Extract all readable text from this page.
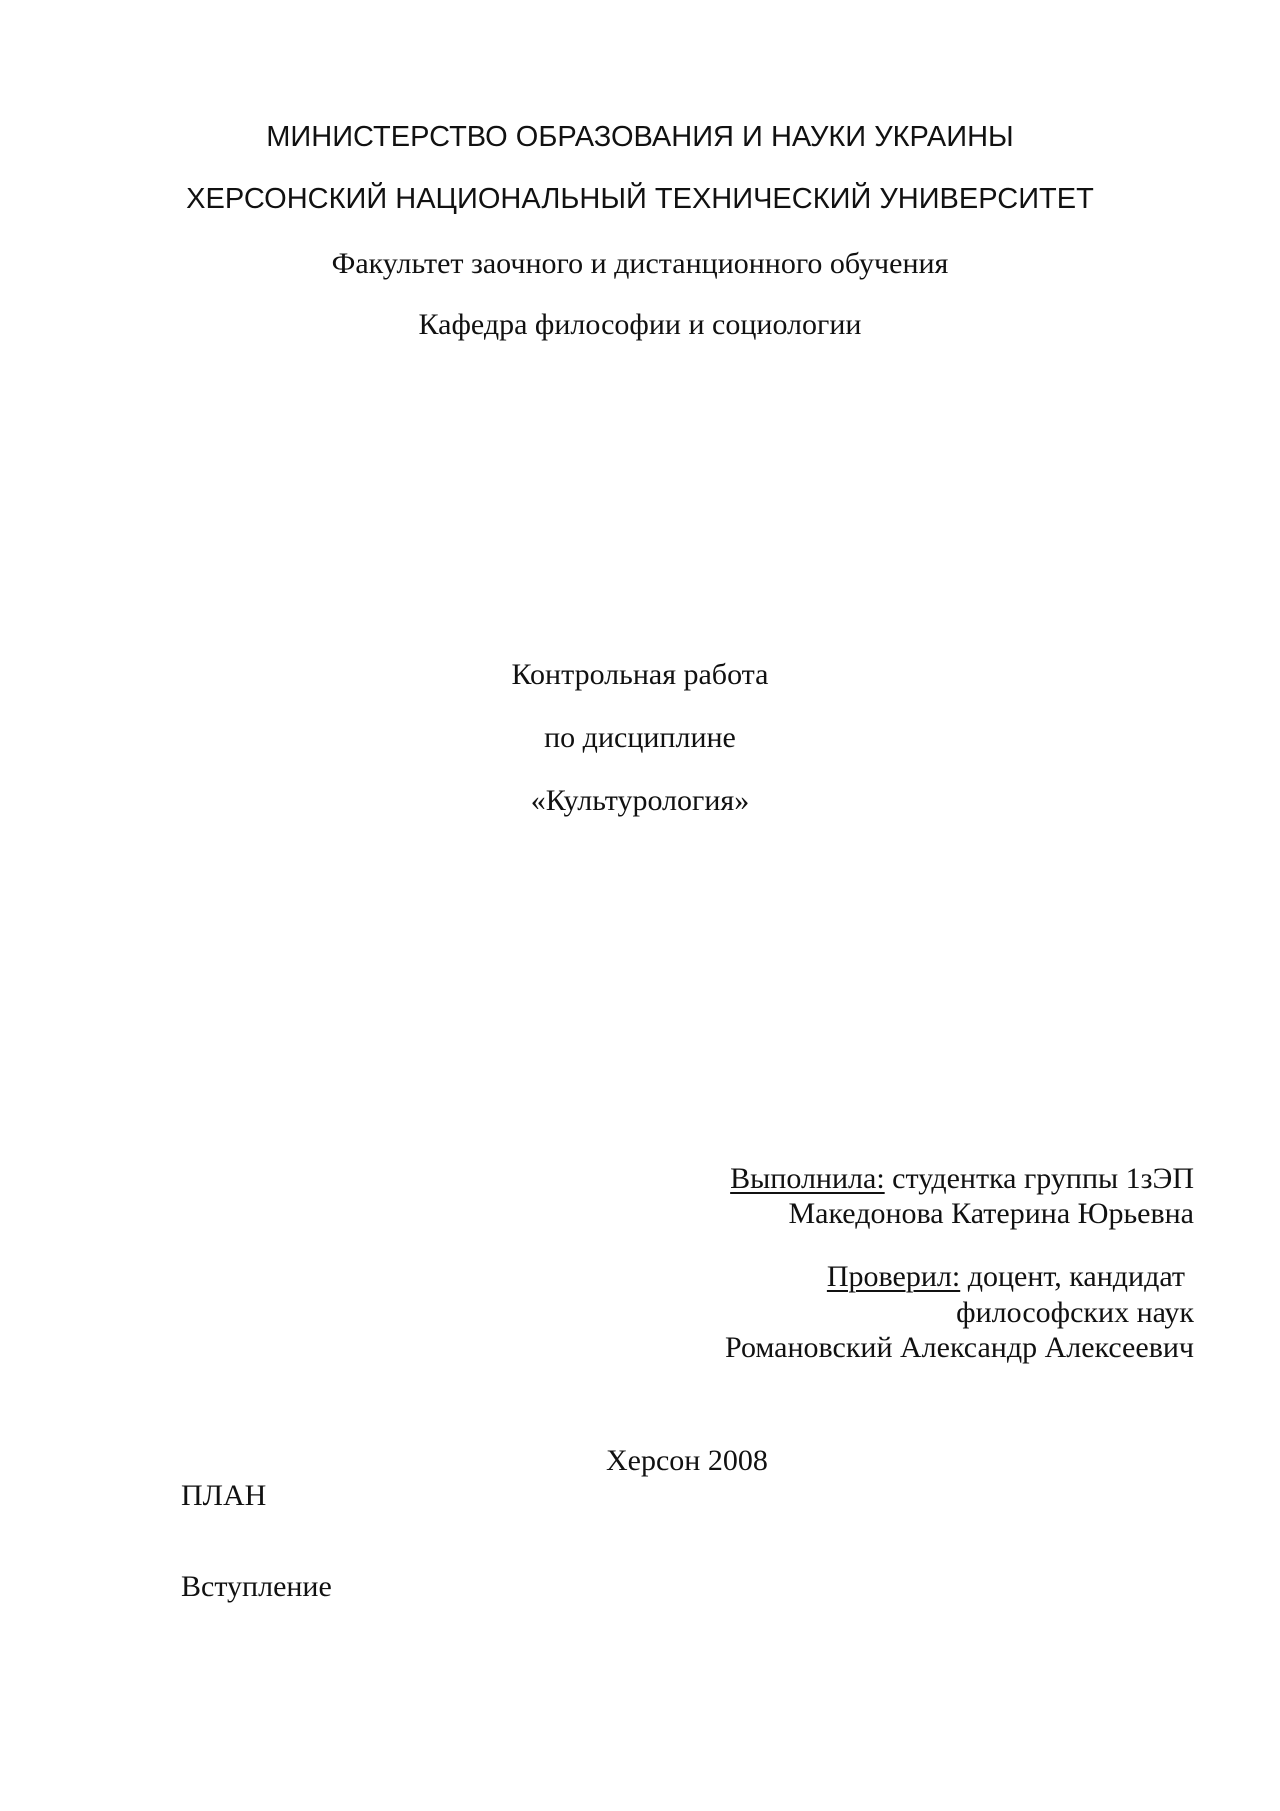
МИНИСТЕРСТВО ОБРАЗОВАНИЯ И НАУКИ УКРАИНЫ
ХЕРСОНСКИЙ НАЦИОНАЛЬНЫЙ ТЕХНИЧЕСКИЙ УНИВЕРСИТЕТ
Факультет заочного и дистанционного обучения
Кафедра философии и социологии
Контрольная работа
по дисциплине
«Культурология»
Выполнила: студентка группы 1зЭП
Македонова Катерина Юрьевна
Проверил: доцент, кандидат
философских наук
Романовский Александр Алексеевич
Херсон 2008
ПЛАН
Вступление
